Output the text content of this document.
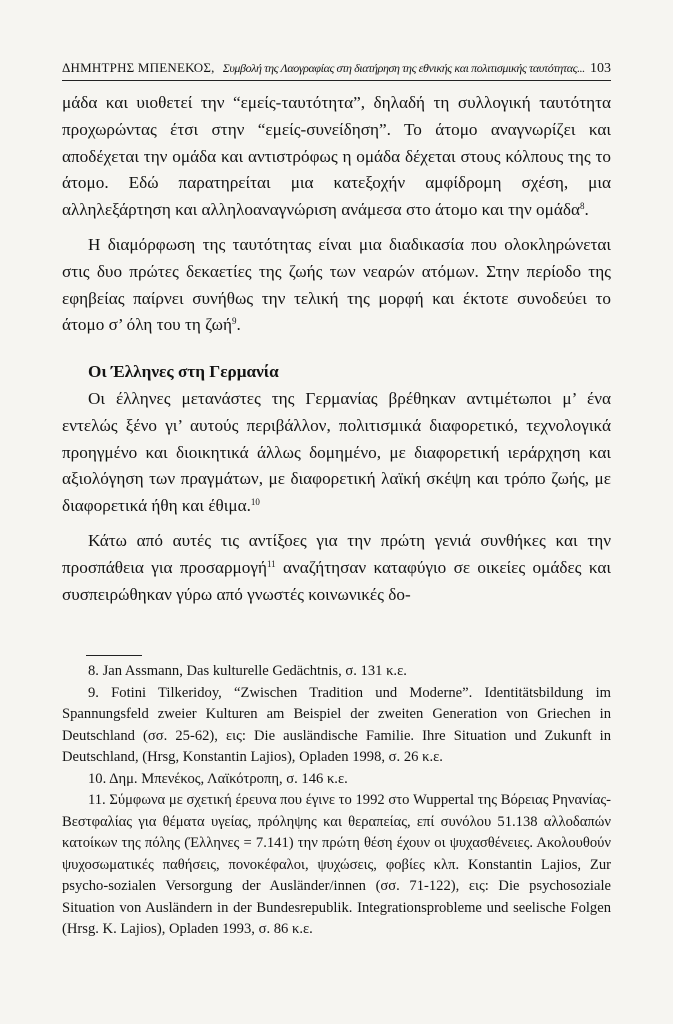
ΔΗΜΗΤΡΗΣ ΜΠΕΝΕΚΟΣ, Συμβολή της Λαογραφίας στη διατήρηση της εθνικής και πολιτισμικής ταυτότητας... 103

μάδα και υιοθετεί την “εμείς-ταυτότητα”, δηλαδή τη συλλογική ταυτότητα προχωρώντας έτσι στην “εμείς-συνείδηση”. Το άτομο αναγνωρίζει και αποδέχεται την ομάδα και αντιστρόφως η ομάδα δέχεται στους κόλπους της το άτομο. Εδώ παρατηρείται μια κατεξοχήν αμφίδρομη σχέση, μια αλληλεξάρτηση και αλληλοαναγνώριση ανάμεσα στο άτομο και την ομάδα$^8$.

Η διαμόρφωση της ταυτότητας είναι μια διαδικασία που ολοκληρώνεται στις δυο πρώτες δεκαετίες της ζωής των νεαρών ατόμων. Στην περίοδο της εφηβείας παίρνει συνήθως την τελική της μορφή και έκτοτε συνοδεύει το άτομο σ’ όλη του τη ζωή$^9$.

Οι Έλληνες στη Γερμανία

Οι έλληνες μετανάστες της Γερμανίας βρέθηκαν αντιμέτωποι μ’ ένα εντελώς ξένο γι’ αυτούς περιβάλλον, πολιτισμικά διαφορετικό, τεχνολογικά προηγμένο και διοικητικά άλλως δομημένο, με διαφορετική ιεράρχηση και αξιολόγηση των πραγμάτων, με διαφορετική λαϊκή σκέψη και τρόπο ζωής, με διαφορετικά ήθη και έθιμα.$^{10}$

Κάτω από αυτές τις αντίξοες για την πρώτη γενιά συνθήκες και την προσπάθεια για προσαρμογή$^{11}$ αναζήτησαν καταφύγιο σε οικείες ομάδες και συσπειρώθηκαν γύρω από γνωστές κοινωνικές δο-

8. Jan Assmann, Das kulturelle Gedächtnis, σ. 131 κ.ε.

9. Fotini Tilkeridoy, “Zwischen Tradition und Moderne”. Identitätsbildung im Spannungsfeld zweier Kulturen am Beispiel der zweiten Generation von Griechen in Deutschland (σσ. 25-62), εις: Die ausländische Familie. Ihre Situation und Zukunft in Deutschland, (Hrsg, Konstantin Lajios), Opladen 1998, σ. 26 κ.ε.

10. Δημ. Μπενέκος, Λαϊκότροπη, σ. 146 κ.ε.

11. Σύμφωνα με σχετική έρευνα που έγινε το 1992 στο Wuppertal της Βόρειας Ρηνανίας-Βεστφαλίας για θέματα υγείας, πρόληψης και θεραπείας, επί συνόλου 51.138 αλλοδαπών κατοίκων της πόλης (Έλληνες = 7.141) την πρώτη θέση έχουν οι ψυχασθένειες. Ακολουθούν ψυχοσωματικές παθήσεις, πονοκέφαλοι, ψυχώσεις, φοβίες κλπ. Konstantin Lajios, Zur psycho-sozialen Versorgung der Ausländer/innen (σσ. 71-122), εις: Die psychosoziale Situation von Ausländern in der Bundesrepublik. Integrationsprobleme und seelische Folgen (Hrsg. K. Lajios), Opladen 1993, σ. 86 κ.ε.
